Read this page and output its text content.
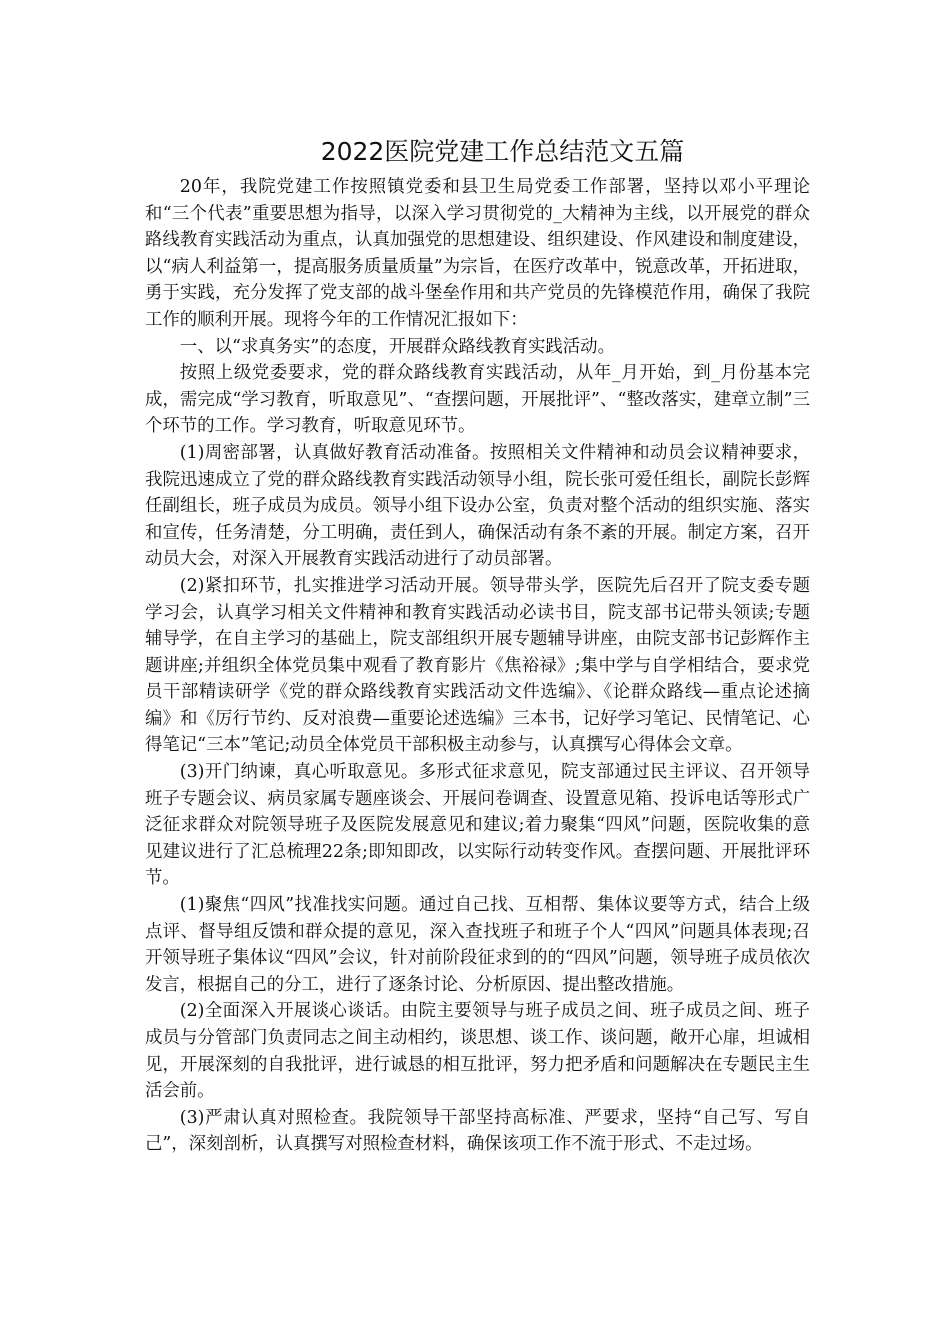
2022医院党建工作总结范文五篇

20年，我院党建工作按照镇党委和县卫生局党委工作部署，坚持以邓小平理论和“三个代表”重要思想为指导，以深入学习贯彻党的_大精神为主线，以开展党的群众路线教育实践活动为重点，认真加强党的思想建设、组织建设、作风建设和制度建设，以“病人利益第一，提高服务质量质量”为宗旨，在医疗改革中，锐意改革，开拓进取，勇于实践，充分发挥了党支部的战斗堡垒作用和共产党员的先锋模范作用，确保了我院工作的顺利开展。现将今年的工作情况汇报如下：

一、以“求真务实”的态度，开展群众路线教育实践活动。

按照上级党委要求，党的群众路线教育实践活动，从年_月开始，到_月份基本完成，需完成“学习教育，听取意见”、“查摆问题，开展批评”、“整改落实，建章立制”三个环节的工作。学习教育，听取意见环节。

(1)周密部署，认真做好教育活动准备。按照相关文件精神和动员会议精神要求，我院迅速成立了党的群众路线教育实践活动领导小组，院长张可爱任组长，副院长彭辉任副组长，班子成员为成员。领导小组下设办公室，负责对整个活动的组织实施、落实和宣传，任务清楚，分工明确，责任到人，确保活动有条不紊的开展。制定方案，召开动员大会，对深入开展教育实践活动进行了动员部署。

(2)紧扣环节，扎实推进学习活动开展。领导带头学，医院先后召开了院支委专题学习会，认真学习相关文件精神和教育实践活动必读书目，院支部书记带头领读;专题辅导学，在自主学习的基础上，院支部组织开展专题辅导讲座，由院支部书记彭辉作主题讲座;并组织全体党员集中观看了教育影片《焦裕禄》;集中学与自学相结合，要求党员干部精读研学《党的群众路线教育实践活动文件选编》、《论群众路线—重点论述摘编》和《厉行节约、反对浪费—重要论述选编》三本书，记好学习笔记、民情笔记、心得笔记“三本”笔记;动员全体党员干部积极主动参与，认真撰写心得体会文章。

(3)开门纳谏，真心听取意见。多形式征求意见，院支部通过民主评议、召开领导班子专题会议、病员家属专题座谈会、开展问卷调查、设置意见箱、投诉电话等形式广泛征求群众对院领导班子及医院发展意见和建议;着力聚集“四风”问题，医院收集的意见建议进行了汇总梳理22条;即知即改，以实际行动转变作风。查摆问题、开展批评环节。

(1)聚焦“四风”找准找实问题。通过自己找、互相帮、集体议要等方式，结合上级点评、督导组反馈和群众提的意见，深入查找班子和班子个人“四风”问题具体表现;召开领导班子集体议“四风”会议，针对前阶段征求到的的“四风”问题，领导班子成员依次发言，根据自己的分工，进行了逐条讨论、分析原因、提出整改措施。

(2)全面深入开展谈心谈话。由院主要领导与班子成员之间、班子成员之间、班子成员与分管部门负责同志之间主动相约，谈思想、谈工作、谈问题，敞开心扉，坦诚相见，开展深刻的自我批评，进行诚恳的相互批评，努力把矛盾和问题解决在专题民主生活会前。

(3)严肃认真对照检查。我院领导干部坚持高标准、严要求，坚持“自己写、写自己”，深刻剖析，认真撰写对照检查材料，确保该项工作不流于形式、不走过场。
